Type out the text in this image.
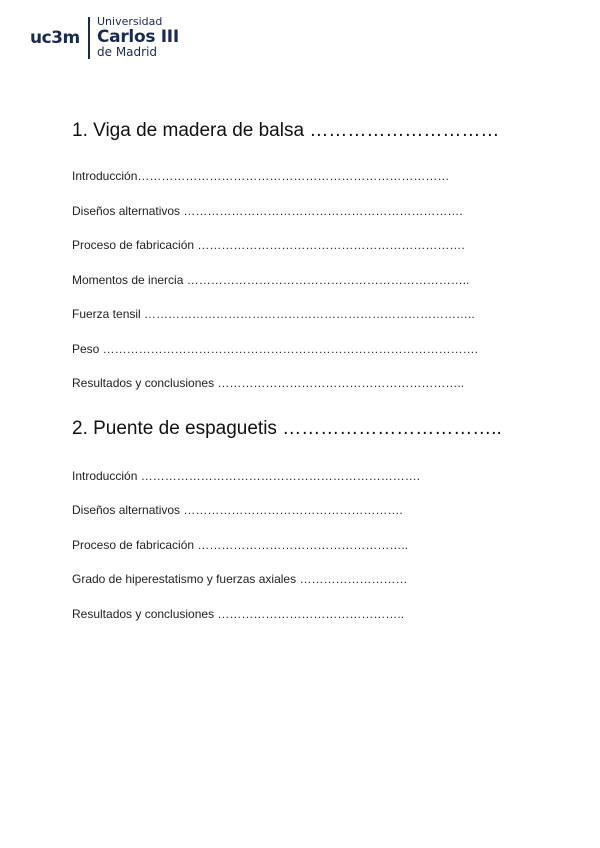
uc3m
Universidad
Carlos III
de Madrid
1. Viga de madera de balsa …………………………
Introducción……………………………………………………………………
Diseños alternativos …………………………………………………………….
Proceso de fabricación ………………………………………………………….
Momentos de inercia ……………………………………………………………..
Fuerza tensil ………………………………………………………………………..
Peso ………………………………………………………………………………….
Resultados y conclusiones ……………………………………………………..
2. Puente de espaguetis ……………………………..
Introducción …………………………………………………………….
Diseños alternativos ……………………………………………….
Proceso de fabricación ……………………………………………..
Grado de hiperestatismo y fuerzas axiales ………………………
Resultados y conclusiones ………………………………………..
